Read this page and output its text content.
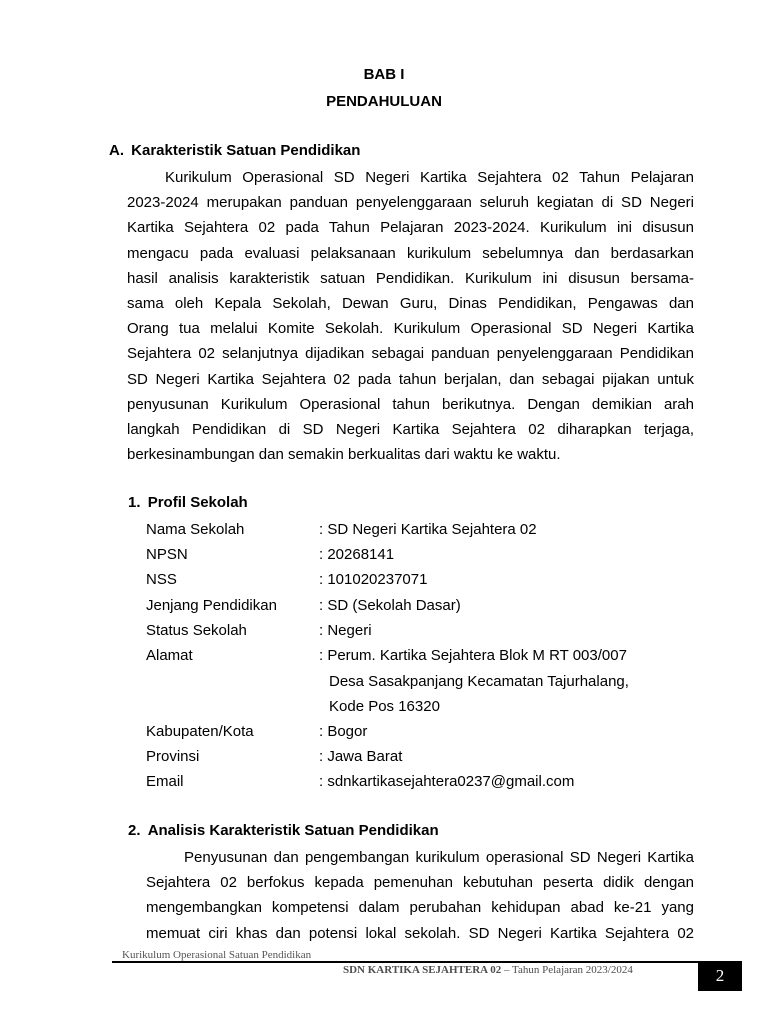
BAB I
PENDAHULUAN
A. Karakteristik Satuan Pendidikan
Kurikulum Operasional SD Negeri Kartika Sejahtera 02 Tahun Pelajaran
2023-2024 merupakan panduan penyelenggaraan seluruh kegiatan di SD Negeri
Kartika Sejahtera 02 pada Tahun Pelajaran 2023-2024. Kurikulum ini disusun
mengacu pada evaluasi pelaksanaan kurikulum sebelumnya dan berdasarkan
hasil analisis karakteristik satuan Pendidikan. Kurikulum ini disusun bersama-
sama oleh Kepala Sekolah, Dewan Guru, Dinas Pendidikan, Pengawas dan
Orang tua melalui Komite Sekolah. Kurikulum Operasional SD Negeri Kartika
Sejahtera 02 selanjutnya dijadikan sebagai panduan penyelenggaraan Pendidikan
SD Negeri Kartika Sejahtera 02 pada tahun berjalan, dan sebagai pijakan untuk
penyusunan Kurikulum Operasional tahun berikutnya. Dengan demikian arah
langkah Pendidikan di SD Negeri Kartika Sejahtera 02 diharapkan terjaga,
berkesinambungan dan semakin berkualitas dari waktu ke waktu.
1. Profil Sekolah
Nama Sekolah	: SD Negeri Kartika Sejahtera 02
NPSN	: 20268141
NSS	: 101020237071
Jenjang Pendidikan	: SD (Sekolah Dasar)
Status Sekolah	: Negeri
Alamat	: Perum. Kartika Sejahtera Blok M RT 003/007
Desa Sasakpanjang Kecamatan Tajurhalang,
Kode Pos 16320
Kabupaten/Kota	: Bogor
Provinsi	: Jawa Barat
Email	: sdnkartikasejahtera0237@gmail.com
2. Analisis Karakteristik Satuan Pendidikan
Penyusunan dan pengembangan kurikulum operasional SD Negeri Kartika
Sejahtera 02 berfokus kepada pemenuhan kebutuhan peserta didik dengan
mengembangkan kompetensi dalam perubahan kehidupan abad ke-21 yang
memuat ciri khas dan potensi lokal sekolah. SD Negeri Kartika Sejahtera 02
Kurikulum Operasional Satuan Pendidikan
SDN KARTIKA SEJAHTERA 02 – Tahun Pelajaran 2023/2024	2
